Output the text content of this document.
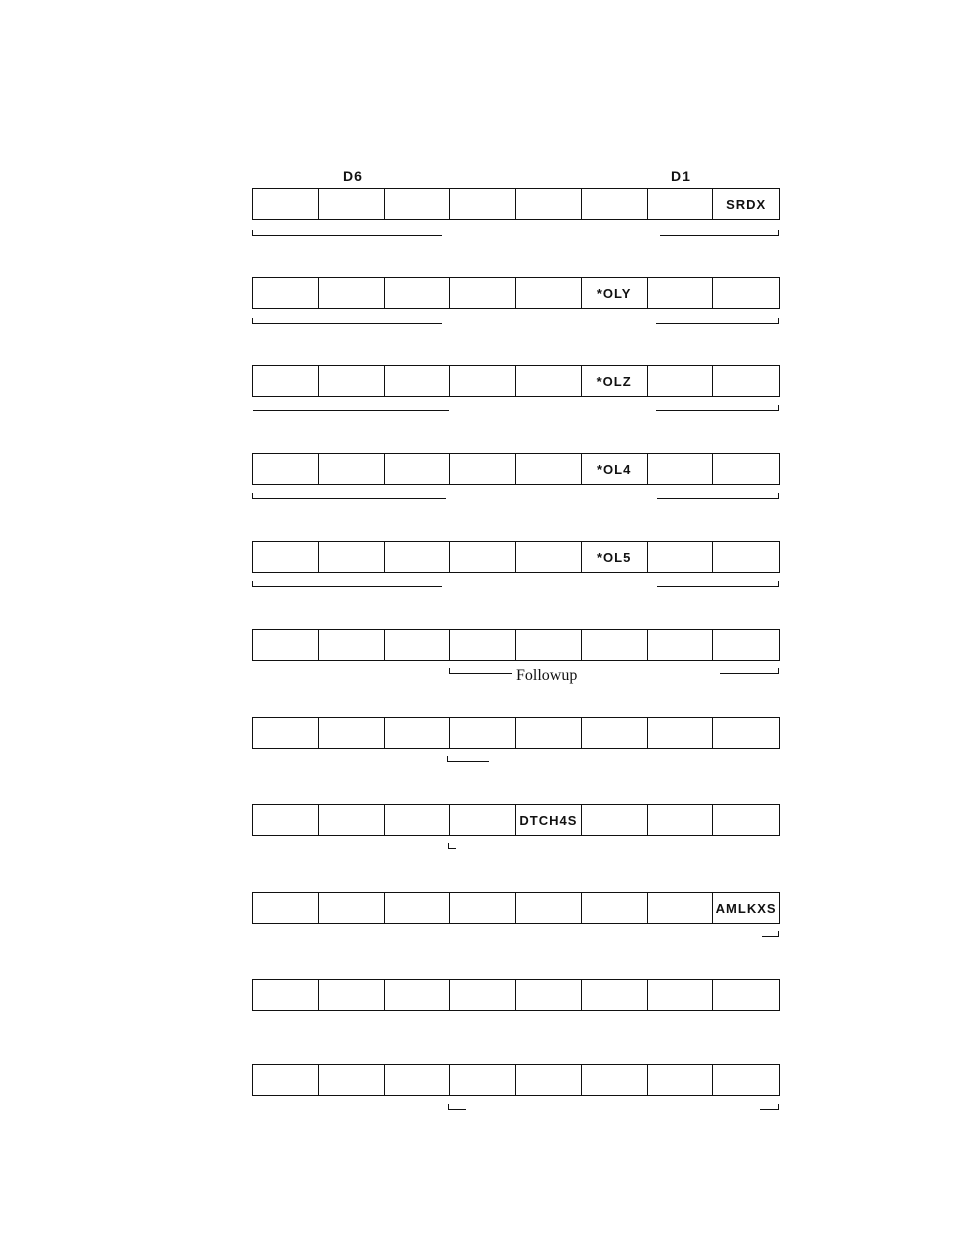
D6	D1
SRDX
*OLY
*OLZ
*OL4
*OL5
Followup
DTCH4S
AMLKXS
